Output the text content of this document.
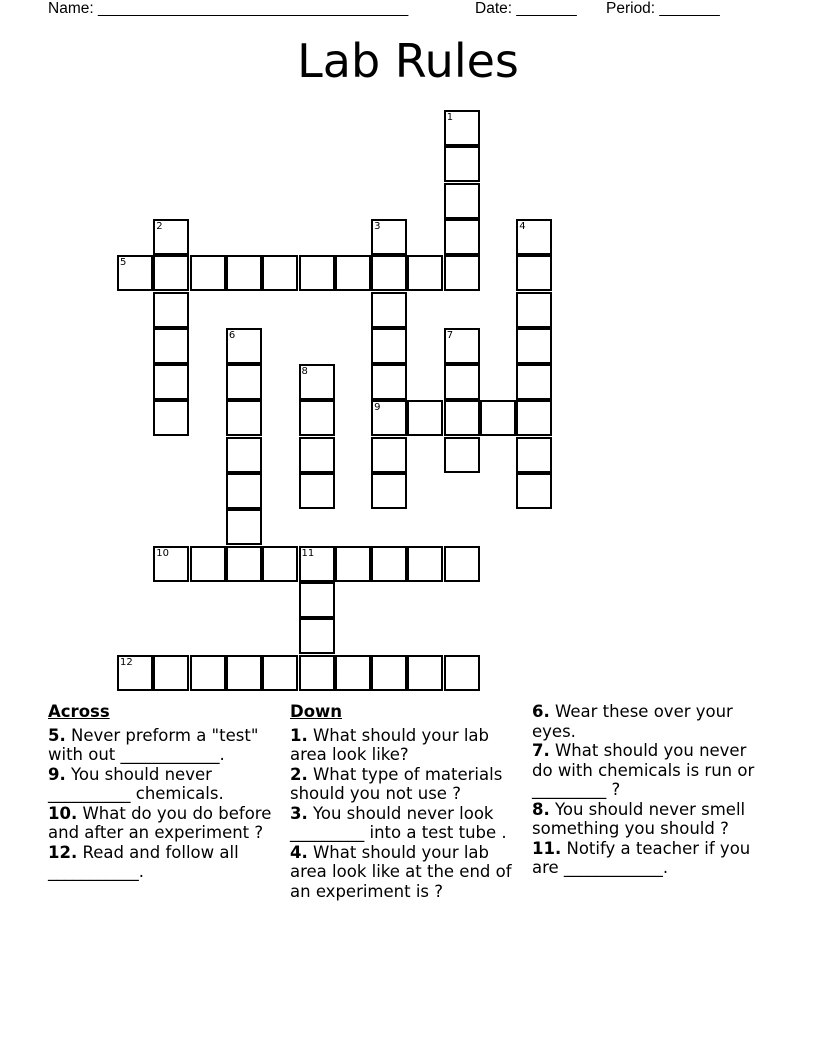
Name: ____________________________________	Date: _______ Period: _______
Lab Rules
1
2	3	4
5
6	7
8
9
10	11
12
Across

5. Never preform a "test" with out ____________.

9. You should never __________ chemicals.

10. What do you do before and after an experiment ?

12. Read and follow all ___________.

Down

1. What should your lab area look like?

2. What type of materials should you not use ?

3. You should never look _________ into a test tube .

4. What should your lab area look like at the end of an experiment is ?

6. Wear these over your eyes.

7. What should you never do with chemicals is run or _________ ?

8. You should never smell something you should ?

11. Notify a teacher if you are ____________.
